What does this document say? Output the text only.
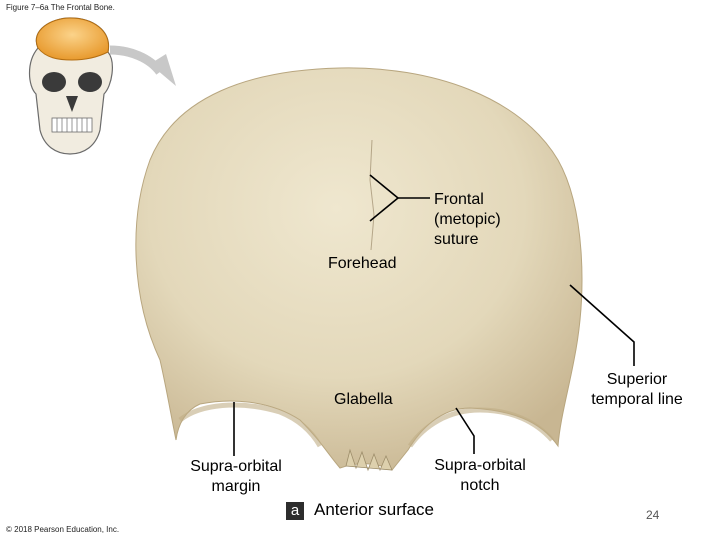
Figure 7–6a The Frontal Bone.
Frontal
(metopic)
suture
Forehead
Superior
temporal line
Glabella
Supra-orbital
margin
Supra-orbital
notch
a Anterior surface
© 2018 Pearson Education, Inc.
24
